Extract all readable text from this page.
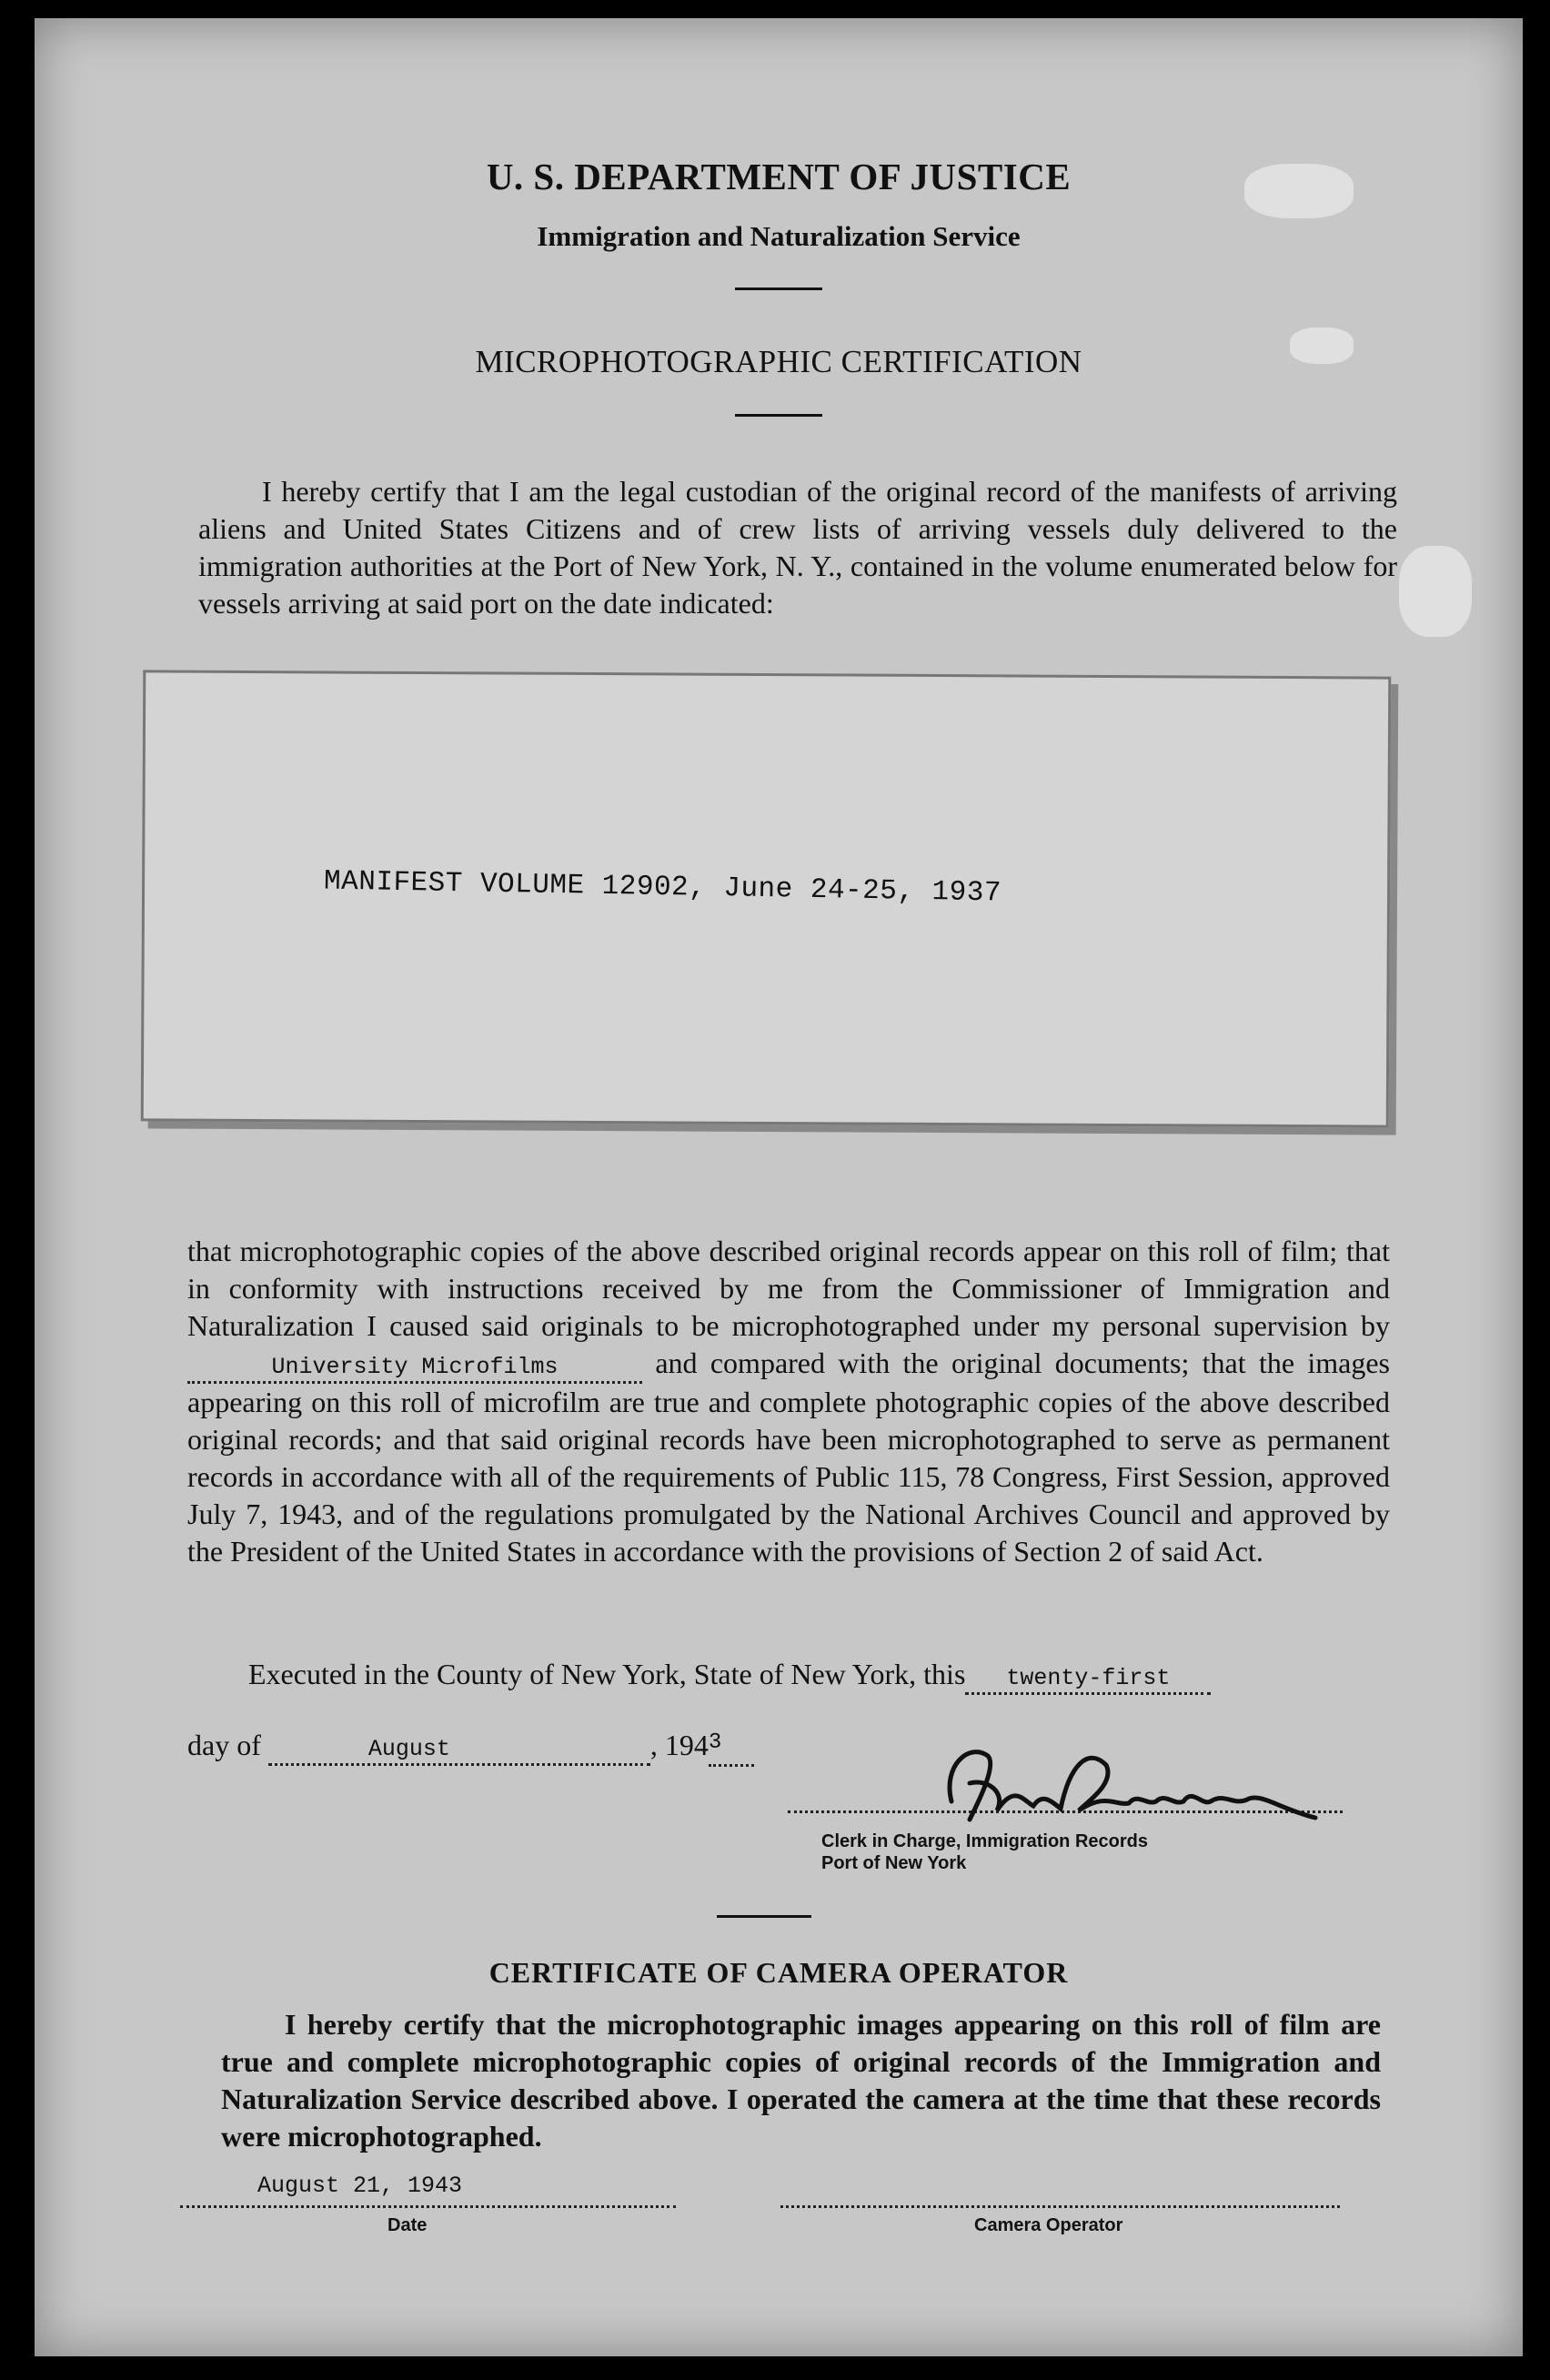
U. S. DEPARTMENT OF JUSTICE
Immigration and Naturalization Service
MICROPHOTOGRAPHIC CERTIFICATION
I hereby certify that I am the legal custodian of the original record of the manifests of arriving aliens and United States Citizens and of crew lists of arriving vessels duly delivered to the immigration authorities at the Port of New York, N. Y., contained in the volume enumerated below for vessels arriving at said port on the date indicated:
MANIFEST VOLUME 12902, June 24-25, 1937
that microphotographic copies of the above described original records appear on this roll of film; that in conformity with instructions received by me from the Commissioner of Immigration and Naturalization I caused said originals to be microphotographed under my personal supervision byUniversity Microfilms	and compared with the original documents; that the images appearing on this roll of microfilm are true and complete photographic copies of the above described original records; and that said original records have been microphotographed to serve as permanent records in accordance with all of the requirements of Public 115, 78 Congress, First Session, approved July 7, 1943, and of the regulations promulgated by the National Archives Council and approved by the President of the United States in accordance with the provisions of Section 2 of said Act.
Executed in the County of New York, State of New York, this twenty-first
day of	August	, $194^3$
Clerk in Charge, Immigration Records
Port of New York
CERTIFICATE OF CAMERA OPERATOR
I hereby certify that the microphotographic images appearing on this roll of film are true and complete microphotographic copies of original records of the Immigration and Naturalization Service described above. I operated the camera at the time that these records were microphotographed.
August 21, 1943
Date	Camera Operator
